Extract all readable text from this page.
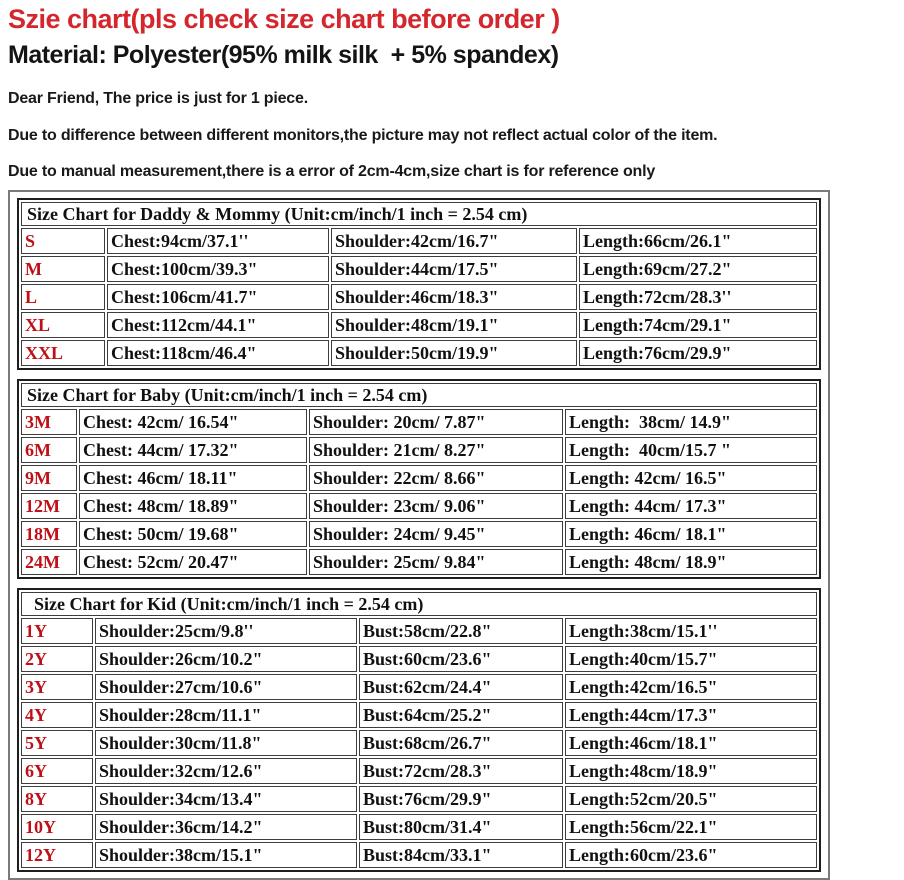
Szie chart(pls check size chart before order )
Material: Polyester(95% milk silk  + 5% spandex)

Dear Friend, The price is just for 1 piece.

Due to difference between different monitors,the picture may not reflect actual color of the item.

Due to manual measurement,there is a error of 2cm-4cm,size chart is for reference only

Size Chart for Daddy & Mommy (Unit:cm/inch/1 inch = 2.54 cm)			
S	Chest:94cm/37.1''	Shoulder:42cm/16.7"	Length:66cm/26.1"
M	Chest:100cm/39.3"	Shoulder:44cm/17.5"	Length:69cm/27.2"
L	Chest:106cm/41.7"	Shoulder:46cm/18.3"	Length:72cm/28.3''
XL	Chest:112cm/44.1"	Shoulder:48cm/19.1"	Length:74cm/29.1"
XXL	Chest:118cm/46.4"	Shoulder:50cm/19.9"	Length:76cm/29.9"
Size Chart for Baby (Unit:cm/inch/1 inch = 2.54 cm)			
3M	Chest: 42cm/ 16.54"	Shoulder: 20cm/ 7.87"	Length:  38cm/ 14.9"
6M	Chest: 44cm/ 17.32"	Shoulder: 21cm/ 8.27"	Length:  40cm/15.7 "
9M	Chest: 46cm/ 18.11"	Shoulder: 22cm/ 8.66"	Length: 42cm/ 16.5"
12M	Chest: 48cm/ 18.89"	Shoulder: 23cm/ 9.06"	Length: 44cm/ 17.3"
18M	Chest: 50cm/ 19.68"	Shoulder: 24cm/ 9.45"	Length: 46cm/ 18.1"
24M	Chest: 52cm/ 20.47"	Shoulder: 25cm/ 9.84"	Length: 48cm/ 18.9"
Size Chart for Kid (Unit:cm/inch/1 inch = 2.54 cm)			
1Y	Shoulder:25cm/9.8''	Bust:58cm/22.8"	Length:38cm/15.1''
2Y	Shoulder:26cm/10.2"	Bust:60cm/23.6"	Length:40cm/15.7"
3Y	Shoulder:27cm/10.6"	Bust:62cm/24.4"	Length:42cm/16.5"
4Y	Shoulder:28cm/11.1"	Bust:64cm/25.2"	Length:44cm/17.3"
5Y	Shoulder:30cm/11.8"	Bust:68cm/26.7"	Length:46cm/18.1"
6Y	Shoulder:32cm/12.6"	Bust:72cm/28.3"	Length:48cm/18.9"
8Y	Shoulder:34cm/13.4"	Bust:76cm/29.9"	Length:52cm/20.5"
10Y	Shoulder:36cm/14.2"	Bust:80cm/31.4"	Length:56cm/22.1"
12Y	Shoulder:38cm/15.1"	Bust:84cm/33.1"	Length:60cm/23.6"
